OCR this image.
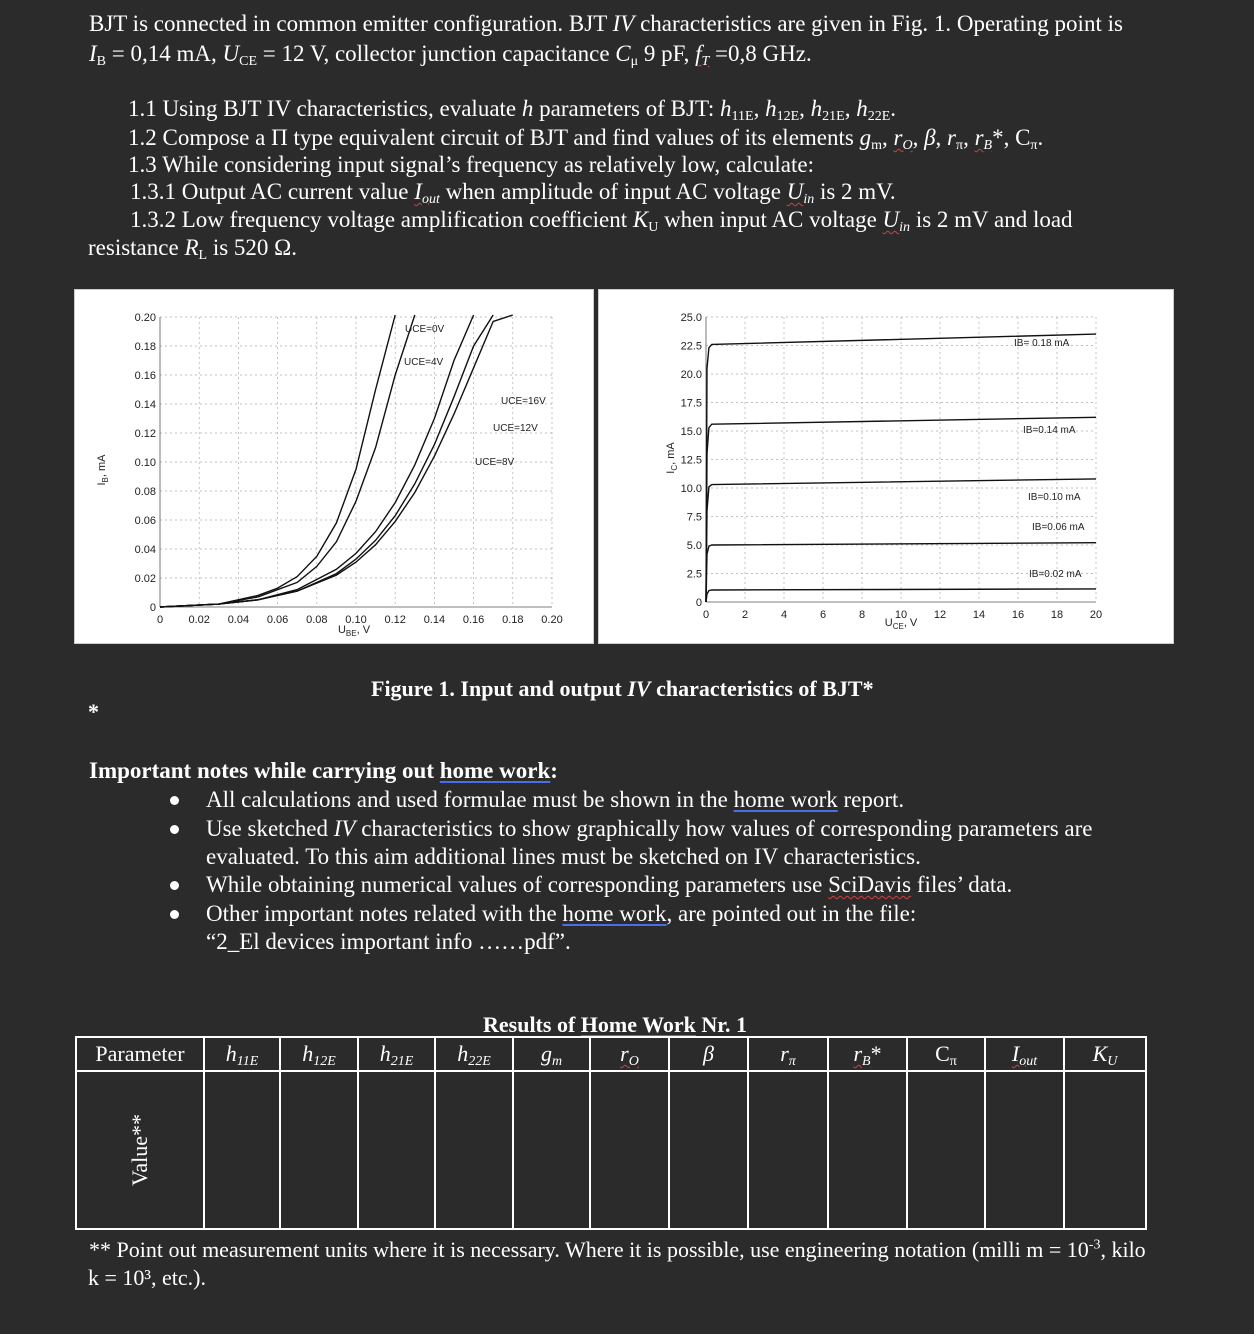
BJT is connected in common emitter configuration. BJT IV characteristics are given in Fig. 1. Operating point is
$I_B = 0,14$ mA, $U_{CE} = 12$ V, collector junction capacitance $C_\mu$ 9 pF, $f_T =0,8$ GHz.
1.1 Using BJT IV characteristics, evaluate h parameters of BJT: $h_{11E}$, $h_{12E}$, $h_{21E}$, $h_{22E}$.
1.2 Compose a Π type equivalent circuit of BJT and find values of its elements $g_m$, $r_O$, β, $r_\pi$, $r_B*$, $C_\pi$.
1.3 While considering input signal’s frequency as relatively low, calculate:
1.3.1 Output AC current value $I_{out}$ when amplitude of input AC voltage $U_{in}$ is 2 mV.
1.3.2 Low frequency voltage amplification coefficient $K_U$ when input AC voltage $U_{in}$ is 2 mV and load
resistance $R_L$ is 520 Ω.
$I_B$, mA
$U_{BE}$, V
0 0.02 0.04 0.06 0.08 0.10 0.12 0.14 0.16 0.18 0.20
0
0.02
0.04
0.06
0.08
0.10
0.12
0.14
0.16
0.18
0.20
UCE=0V
UCE=4V
UCE=8V
UCE=12V
UCE=16V
$I_C$, mA
$U_{CE}$, V
0	2	4	6	8	10 12 14 16 18 20
0
2.5
5.0
7.5
10.0
12.5
15.0
17.5
20.0
22.5
25.0
IB= 0.18 mA
IB=0.14 mA
IB=0.10 mA
IB=0.06 mA
IB=0.02 mA
Figure 1. Input and output IV characteristics of BJT*
*
Important notes while carrying out home work:
All calculations and used formulae must be shown in the home work report.
Use sketched IV characteristics to show graphically how values of corresponding parameters are
evaluated. To this aim additional lines must be sketched on IV characteristics.
While obtaining numerical values of corresponding parameters use SciDavis files’ data.
Other important notes related with the home work, are pointed out in the file:
“2_El devices important info ……pdf”.
Results of Home Work Nr. 1
Parameter	$h_{11E}$	$h_{12E}$	$h_{21E}$	$h_{22E}$	$g_m$	$r_O$	β	$r_\pi$	$r_B*$	$C_\pi$	$I_{out}$	$K_U$
Value**												
** Point out measurement units where it is necessary. Where it is possible, use engineering notation (milli $m = 10^{-3}$, kilo
k = 10³, etc.).
